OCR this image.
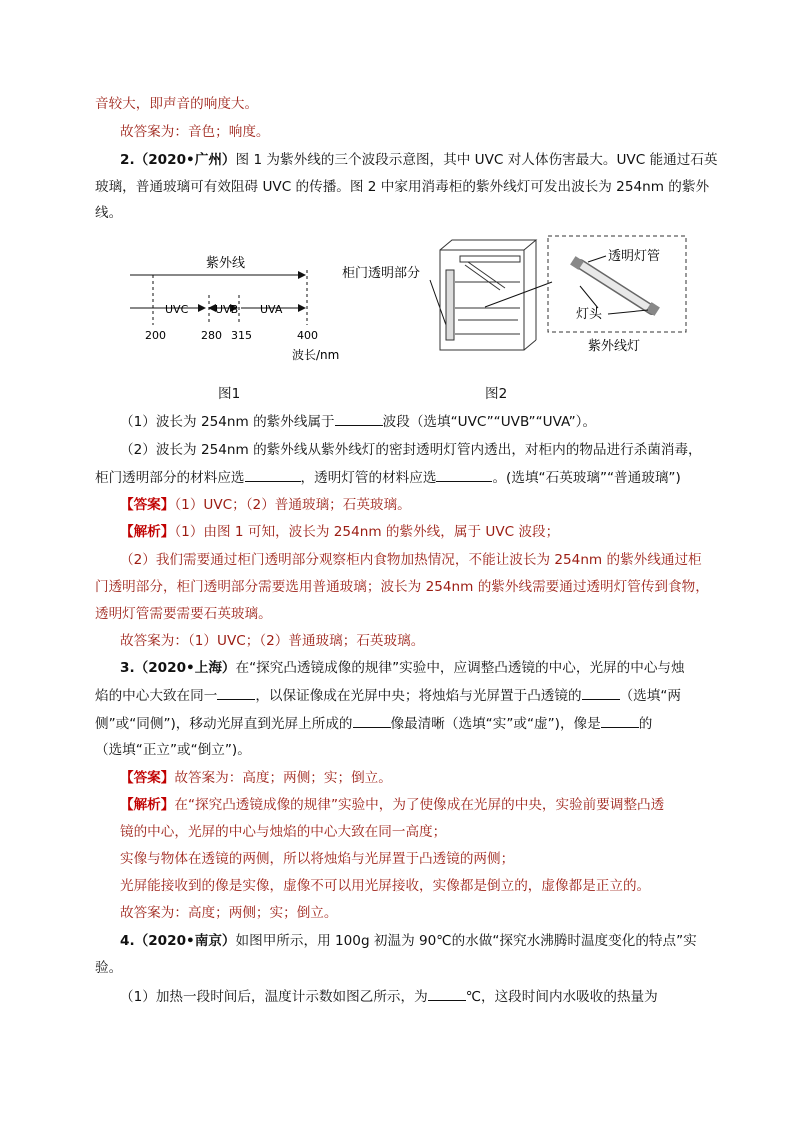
音较大，即声音的响度大。
故答案为：音色；响度。
2.（2020•广州）图 1 为紫外线的三个波段示意图，其中 UVC 对人体伤害最大。UVC 能通过石英
玻璃，普通玻璃可有效阻碍 UVC 的传播。图 2 中家用消毒柜的紫外线灯可发出波长为 254nm 的紫外
线。
紫外线
UVC UVB UVA
200	280 315	400
波长/nm
柜门透明部分
透明灯管
灯头
紫外线灯
图1	图2
（1）波长为 254nm 的紫外线属于	波段（选填“UVC”“UVB”“UVA”）。
（2）波长为 254nm 的紫外线从紫外线灯的密封透明灯管内透出，对柜内的物品进行杀菌消毒，
柜门透明部分的材料应选	，透明灯管的材料应选	。(选填“石英玻璃”“普通玻璃”)
【答案】（1）UVC；（2）普通玻璃；石英玻璃。
【解析】（1）由图 1 可知，波长为 254nm 的紫外线，属于 UVC 波段；
（2）我们需要通过柜门透明部分观察柜内食物加热情况，不能让波长为 254nm 的紫外线通过柜
门透明部分，柜门透明部分需要选用普通玻璃；波长为 254nm 的紫外线需要通过透明灯管传到食物，
透明灯管需要需要石英玻璃。
故答案为：（1）UVC；（2）普通玻璃；石英玻璃。
3.（2020•上海）在“探究凸透镜成像的规律”实验中，应调整凸透镜的中心，光屏的中心与烛
焰的中心大致在同一	，以保证像成在光屏中央；将烛焰与光屏置于凸透镜的	（选填“两
侧”或“同侧”)，移动光屏直到光屏上所成的	像最清晰（选填“实”或“虚”)，像是	的
（选填“正立”或“倒立”)。
【答案】故答案为：高度；两侧；实；倒立。
【解析】在“探究凸透镜成像的规律”实验中，为了使像成在光屏的中央，实验前要调整凸透
镜的中心，光屏的中心与烛焰的中心大致在同一高度；
实像与物体在透镜的两侧，所以将烛焰与光屏置于凸透镜的两侧；
光屏能接收到的像是实像，虚像不可以用光屏接收，实像都是倒立的，虚像都是正立的。
故答案为：高度；两侧；实；倒立。
4.（2020•南京）如图甲所示，用 100g 初温为 90℃的水做“探究水沸腾时温度变化的特点”实
验。
（1）加热一段时间后，温度计示数如图乙所示，为	℃，这段时间内水吸收的热量为
